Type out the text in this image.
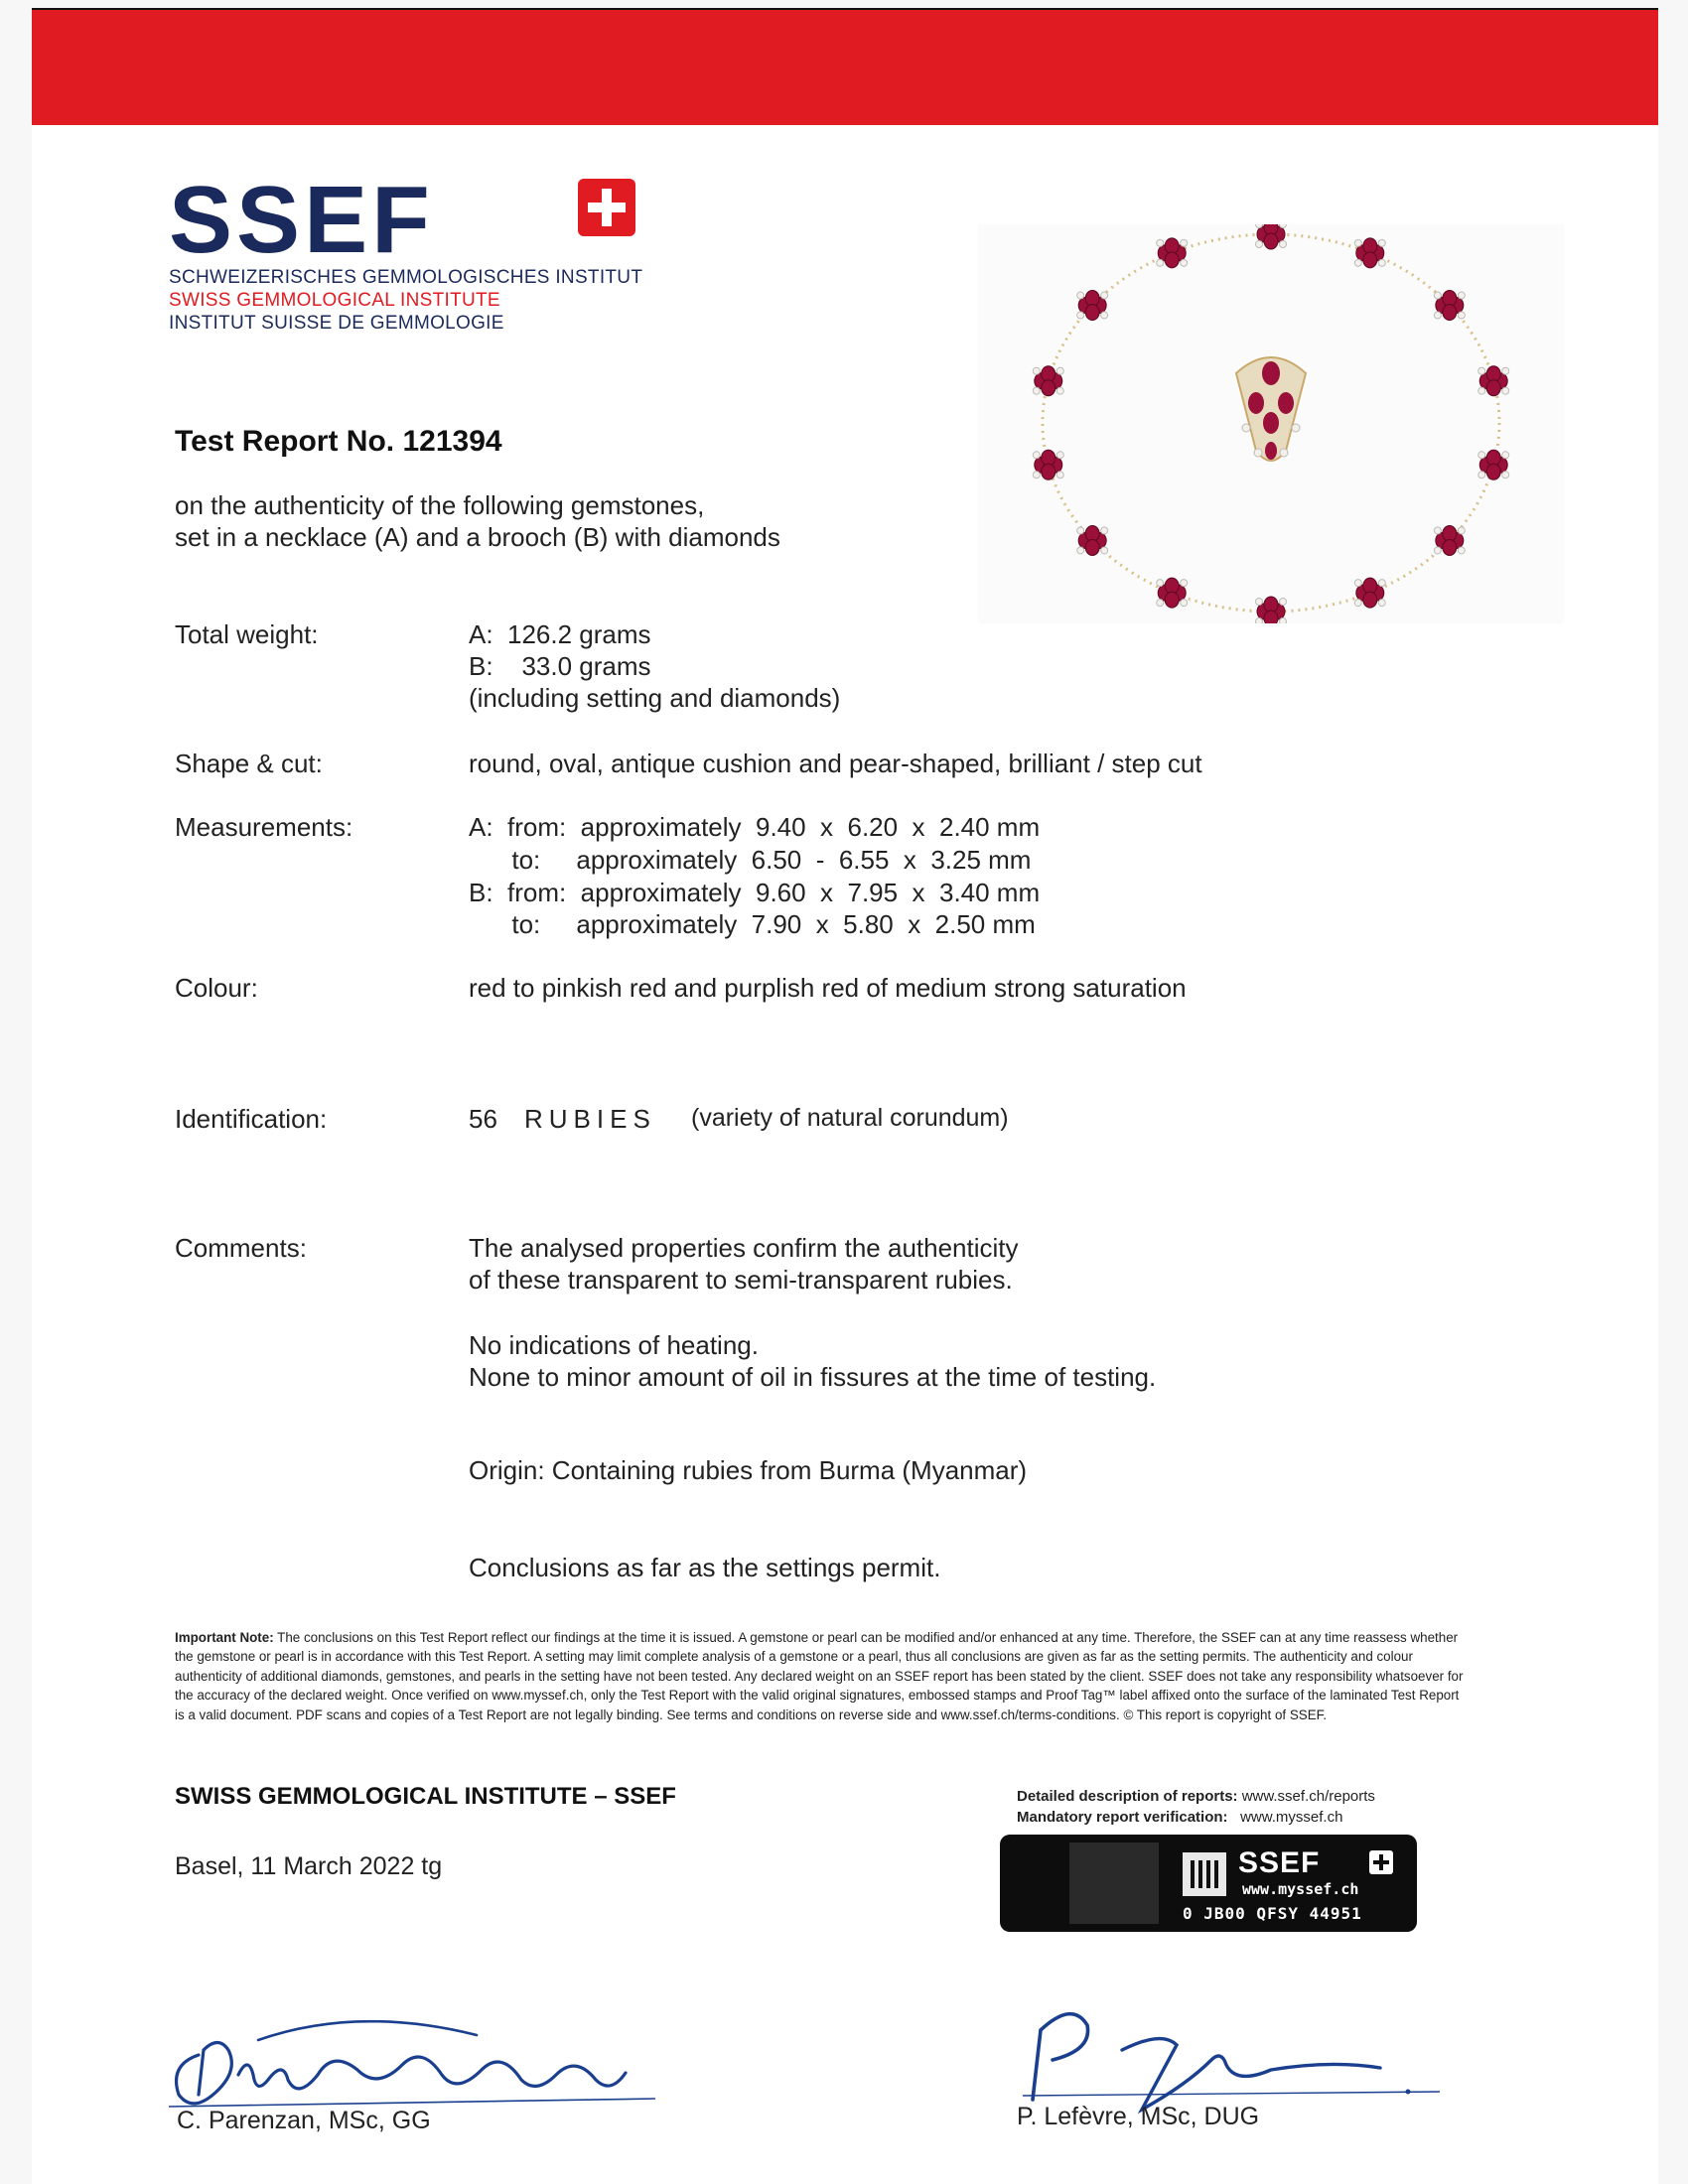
SSEF
SCHWEIZERISCHES GEMMOLOGISCHES INSTITUT
SWISS GEMMOLOGICAL INSTITUTE
INSTITUT SUISSE DE GEMMOLOGIE
Test Report No. 121394
on the authenticity of the following gemstones,
set in a necklace (A) and a brooch (B) with diamonds
Total weight:	A:  126.2 grams
B:    33.0 grams
(including setting and diamonds)
Shape & cut:	round, oval, antique cushion and pear-shaped, brilliant / step cut
Measurements:	A:  from:  approximately  9.40  x  6.20  x  2.40 mm
to:     approximately  6.50  -  6.55  x  3.25 mm
B:  from:  approximately  9.60  x  7.95  x  3.40 mm
to:     approximately  7.90  x  5.80  x  2.50 mm
Colour:	red to pinkish red and purplish red of medium strong saturation
Identification:	56 RUBIES (variety of natural corundum)
Comments:	The analysed properties confirm the authenticity
of these transparent to semi-transparent rubies.
No indications of heating.
None to minor amount of oil in fissures at the time of testing.
Origin: Containing rubies from Burma (Myanmar)
Conclusions as far as the settings permit.
Important Note: The conclusions on this Test Report reflect our findings at the time it is issued. A gemstone or pearl can be modified and/or enhanced at any time. Therefore, the SSEF can at any time reassess whether the gemstone or pearl is in accordance with this Test Report. A setting may limit complete analysis of a gemstone or a pearl, thus all conclusions are given as far as the setting permits. The authenticity and colour authenticity of additional diamonds, gemstones, and pearls in the setting have not been tested. Any declared weight on an SSEF report has been stated by the client. SSEF does not take any responsibility whatsoever for the accuracy of the declared weight. Once verified on www.myssef.ch, only the Test Report with the valid original signatures, embossed stamps and Proof Tag™ label affixed onto the surface of the laminated Test Report is a valid document. PDF scans and copies of a Test Report are not legally binding. See terms and conditions on reverse side and www.ssef.ch/terms-conditions. © This report is copyright of SSEF.
SWISS GEMMOLOGICAL INSTITUTE – SSEF
Basel, 11 March 2022 tg
Detailed description of reports: www.ssef.ch/reports
Mandatory report verification: www.myssef.ch
SSEF
www.myssef.ch
0 JB00 QFSY 44951
C. Parenzan, MSc, GG	P. Lefèvre, MSc, DUG
